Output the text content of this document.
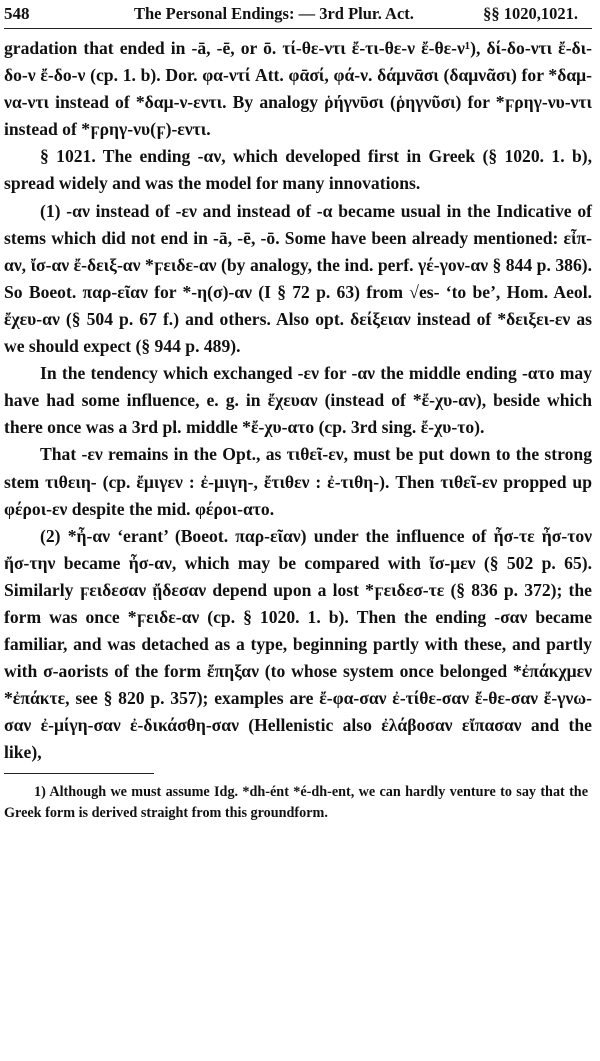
548	The Personal Endings: — 3rd Plur. Act.	§§ 1020,1021.

gradation that ended in -ā, -ē, or ō. τί-θε-ντι ἔ-τι-θε-ν ἔ-θε-ν¹), δί-δο-ντι ἔ-δι-δο-ν ἔ-δο-ν (cp. 1. b). Dor. φα-ντί Att. φᾱσί, φά-ν. δάμνᾱσι (δαμνᾶσι) for *δαμ-να-ντι instead of *δαμ-ν-εντι. By analogy ῥήγνῡσι (ῥηγνῦσι) for *ϝρηγ-νυ-ντι instead of *ϝρηγ-νυ(ϝ)-εντι.

§ 1021. The ending -αν, which developed first in Greek (§ 1020. 1. b), spread widely and was the model for many innovations.

(1) -αν instead of -εν and instead of -α became usual in the Indicative of stems which did not end in -ā, -ē, -ō. Some have been already mentioned: εἶπ-αν, ἴσ-αν ἔ-δειξ-αν *ϝειδε-αν (by analogy, the ind. perf. γέ-γον-αν § 844 p. 386). So Boeot. παρ-εῖαν for *-η(σ)-αν (I § 72 p. 63) from √es- ‘to be’, Hom. Aeol. ἔχευ-αν (§ 504 p. 67 f.) and others. Also opt. δείξειαν instead of *δειξει-εν as we should expect (§ 944 p. 489).

In the tendency which exchanged -εν for -αν the middle ending -ατο may have had some influence, e. g. in ἔχευαν (instead of *ἔ-χυ-αν), beside which there once was a 3rd pl. middle *ἔ-χυ-ατο (cp. 3rd sing. ἔ-χυ-το).

That -εν remains in the Opt., as τιθεῖ-εν, must be put down to the strong stem τιθειη- (cp. ἔμιγεν : ἐ-μιγη-, ἔτιθεν : ἐ-τιθη-). Then τιθεῖ-εν propped up φέροι-εν despite the mid. φέροι-ατο.

(2) *ἦ-αν ‘erant’ (Boeot. παρ-εῖαν) under the influence of ἦσ-τε ἦσ-τον ἤσ-την became ἦσ-αν, which may be compared with ἴσ-μεν (§ 502 p. 65). Similarly ϝειδεσαν ᾔδεσαν depend upon a lost *ϝειδεσ-τε (§ 836 p. 372); the form was once *ϝειδε-αν (cp. § 1020. 1. b). Then the ending -σαν became familiar, and was detached as a type, beginning partly with these, and partly with σ-aorists of the form ἔπηξαν (to whose system once belonged *ἐπάκχμεν *ἐπάκτε, see § 820 p. 357); examples are ἔ-φα-σαν ἐ-τίθε-σαν ἔ-θε-σαν ἔ-γνω-σαν ἐ-μίγη-σαν ἐ-δικάσθη-σαν (Hellenistic also ἐλάβοσαν εἴπασαν and the like),

1) Although we must assume Idg. *dh-ént *é-dh-ent, we can hardly venture to say that the Greek form is derived straight from this groundform.
